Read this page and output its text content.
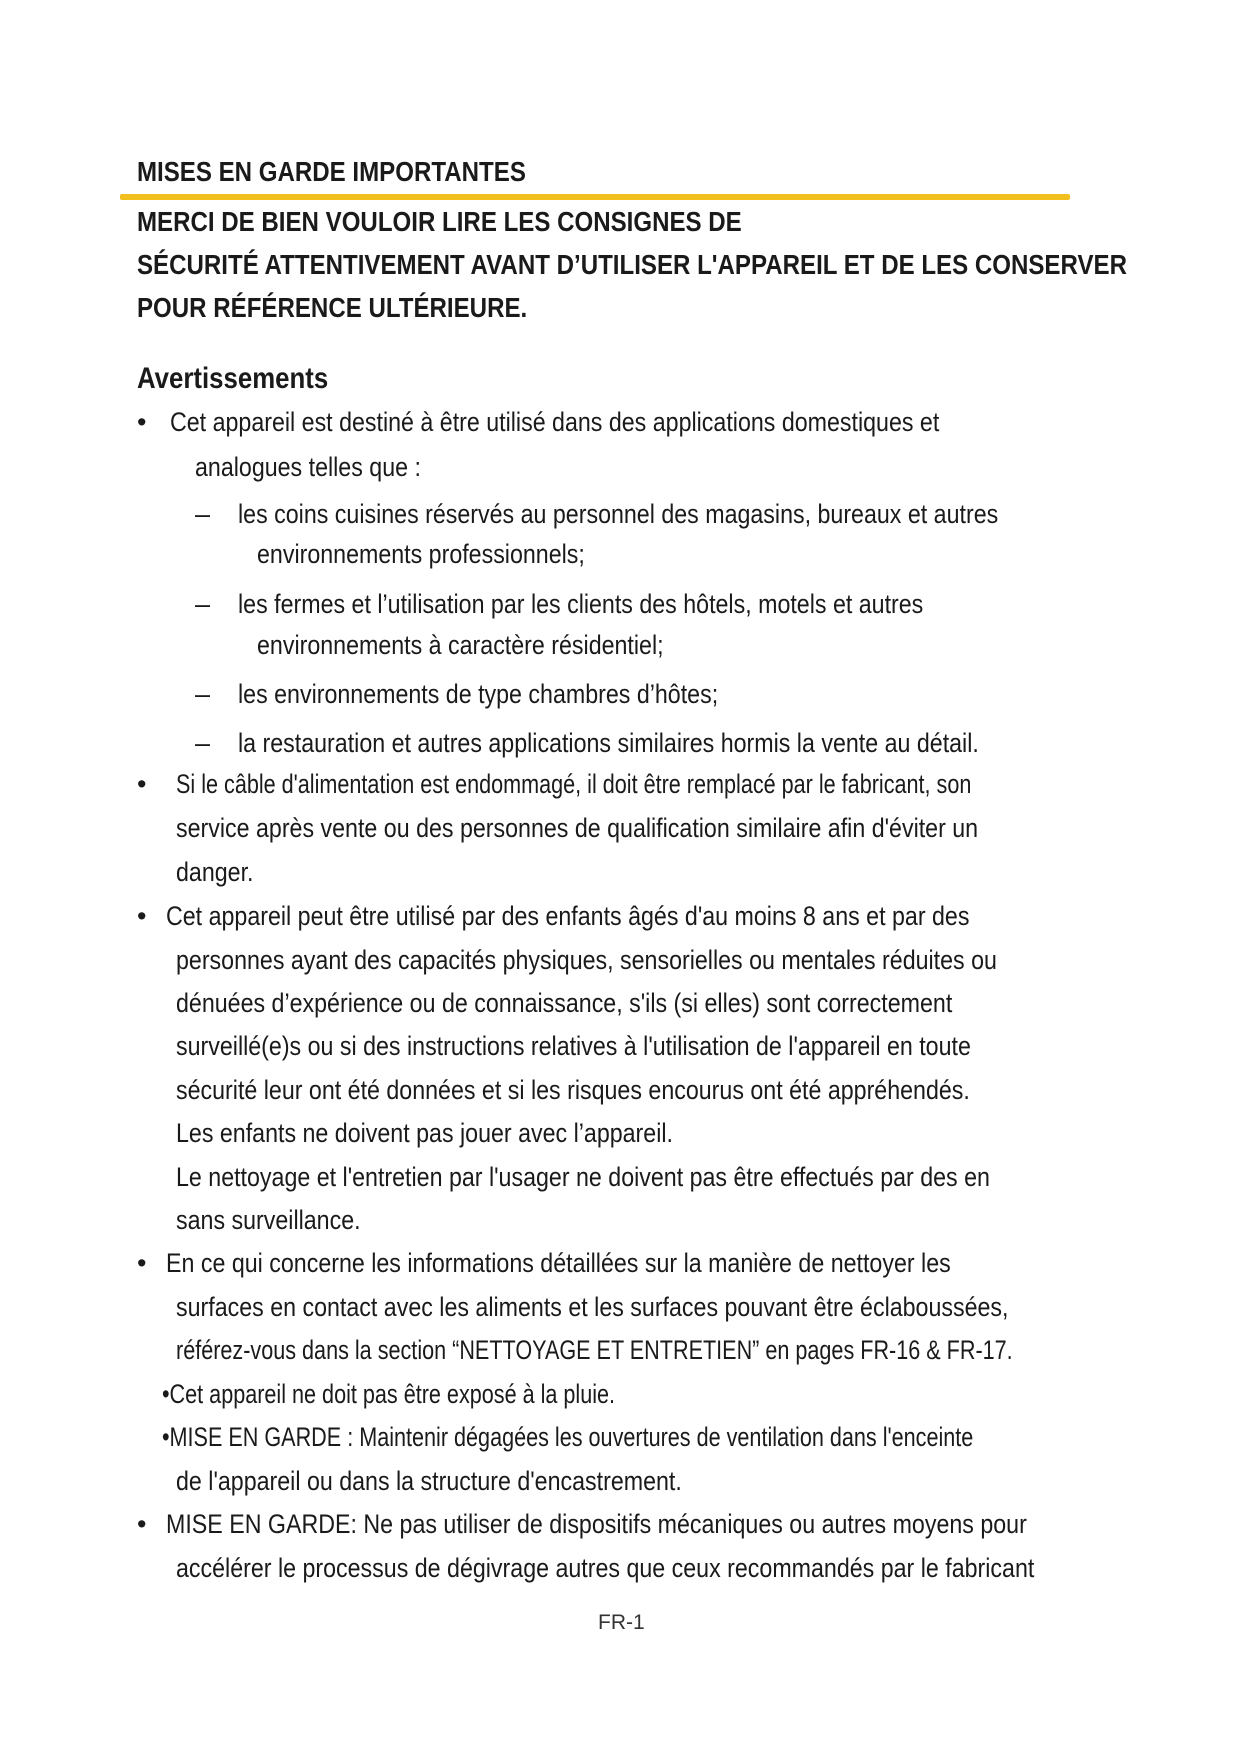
MISES EN GARDE IMPORTANTES
MERCI DE BIEN VOULOIR LIRE LES CONSIGNES DE
SÉCURITÉ ATTENTIVEMENT AVANT D’UTILISER L'APPAREIL ET DE LES CONSERVER
POUR RÉFÉRENCE ULTÉRIEURE.
Avertissements
• Cet appareil est destiné à être utilisé dans des applications domestiques et
analogues telles que :
– les coins cuisines réservés au personnel des magasins, bureaux et autres
environnements professionnels;
– les fermes et l’utilisation par les clients des hôtels, motels et autres
environnements à caractère résidentiel;
– les environnements de type chambres d’hôtes;
– la restauration et autres applications similaires hormis la vente au détail.
• Si le câble d'alimentation est endommagé, il doit être remplacé par le fabricant, son
service après vente ou des personnes de qualification similaire afin d'éviter un
danger.
• Cet appareil peut être utilisé par des enfants âgés d'au moins 8 ans et par des
personnes ayant des capacités physiques, sensorielles ou mentales réduites ou
dénuées d’expérience ou de connaissance, s'ils (si elles) sont correctement
surveillé(e)s ou si des instructions relatives à l'utilisation de l'appareil en toute
sécurité leur ont été données et si les risques encourus ont été appréhendés.
Les enfants ne doivent pas jouer avec l’appareil.
Le nettoyage et l'entretien par l'usager ne doivent pas être effectués par des en
sans surveillance.
• En ce qui concerne les informations détaillées sur la manière de nettoyer les
surfaces en contact avec les aliments et les surfaces pouvant être éclaboussées,
référez-vous dans la section “NETTOYAGE ET ENTRETIEN” en pages FR-16 & FR-17.
•Cet appareil ne doit pas être exposé à la pluie.
•MISE EN GARDE : Maintenir dégagées les ouvertures de ventilation dans l'enceinte
de l'appareil ou dans la structure d'encastrement.
• MISE EN GARDE: Ne pas utiliser de dispositifs mécaniques ou autres moyens pour
accélérer le processus de dégivrage autres que ceux recommandés par le fabricant
FR-1
